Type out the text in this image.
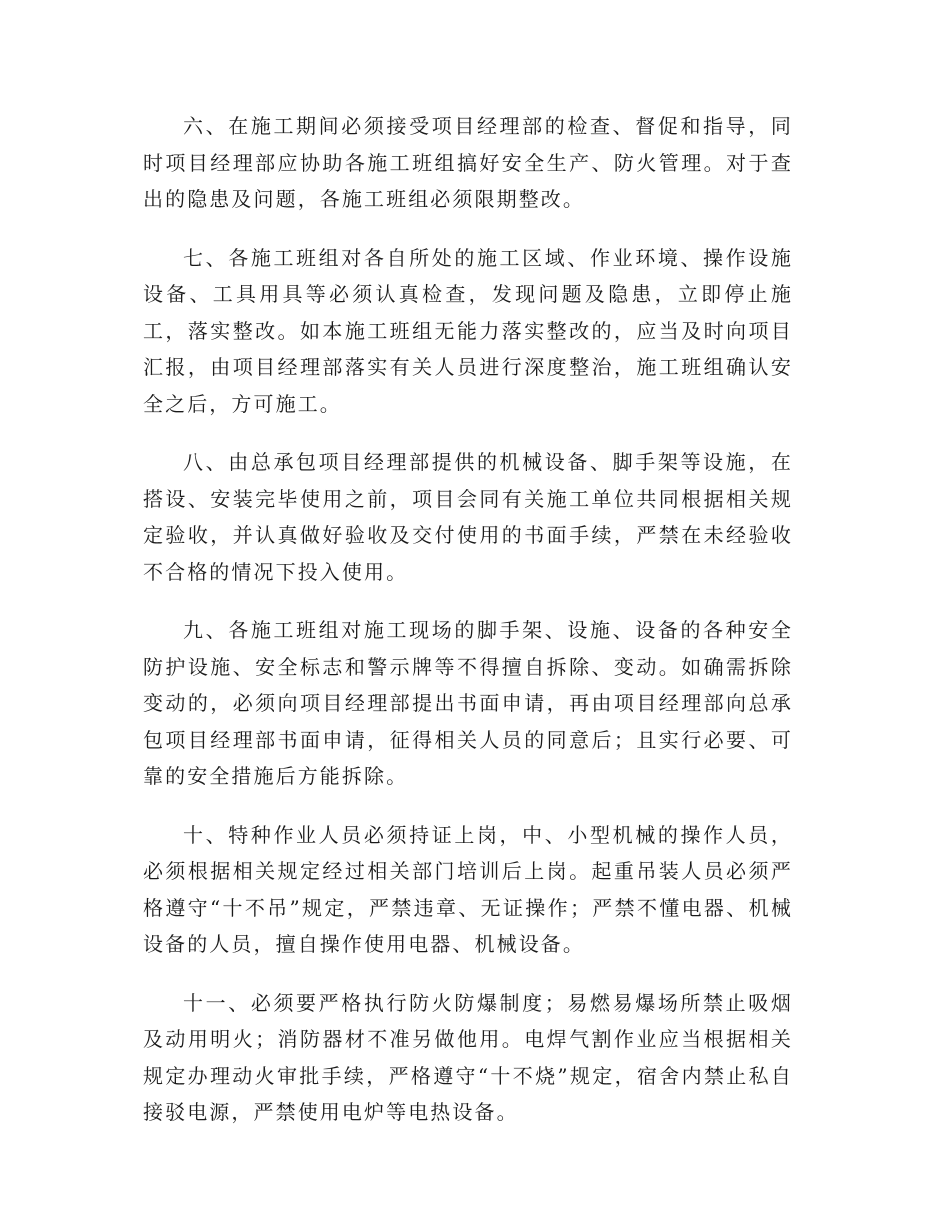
六、在施工期间必须接受项目经理部的检查、督促和指导，同时项目经理部应协助各施工班组搞好安全生产、防火管理。对于查出的隐患及问题，各施工班组必须限期整改。

七、各施工班组对各自所处的施工区域、作业环境、操作设施设备、工具用具等必须认真检查，发现问题及隐患，立即停止施工，落实整改。如本施工班组无能力落实整改的，应当及时向项目汇报，由项目经理部落实有关人员进行深度整治，施工班组确认安全之后，方可施工。

八、由总承包项目经理部提供的机械设备、脚手架等设施，在搭设、安装完毕使用之前，项目会同有关施工单位共同根据相关规定验收，并认真做好验收及交付使用的书面手续，严禁在未经验收不合格的情况下投入使用。

九、各施工班组对施工现场的脚手架、设施、设备的各种安全防护设施、安全标志和警示牌等不得擅自拆除、变动。如确需拆除变动的，必须向项目经理部提出书面申请，再由项目经理部向总承包项目经理部书面申请，征得相关人员的同意后；且实行必要、可靠的安全措施后方能拆除。

十、特种作业人员必须持证上岗，中、小型机械的操作人员，必须根据相关规定经过相关部门培训后上岗。起重吊装人员必须严格遵守“十不吊”规定，严禁违章、无证操作；严禁不懂电器、机械设备的人员，擅自操作使用电器、机械设备。

十一、必须要严格执行防火防爆制度；易燃易爆场所禁止吸烟及动用明火；消防器材不准另做他用。电焊气割作业应当根据相关规定办理动火审批手续，严格遵守“十不烧”规定，宿舍内禁止私自接驳电源，严禁使用电炉等电热设备。
